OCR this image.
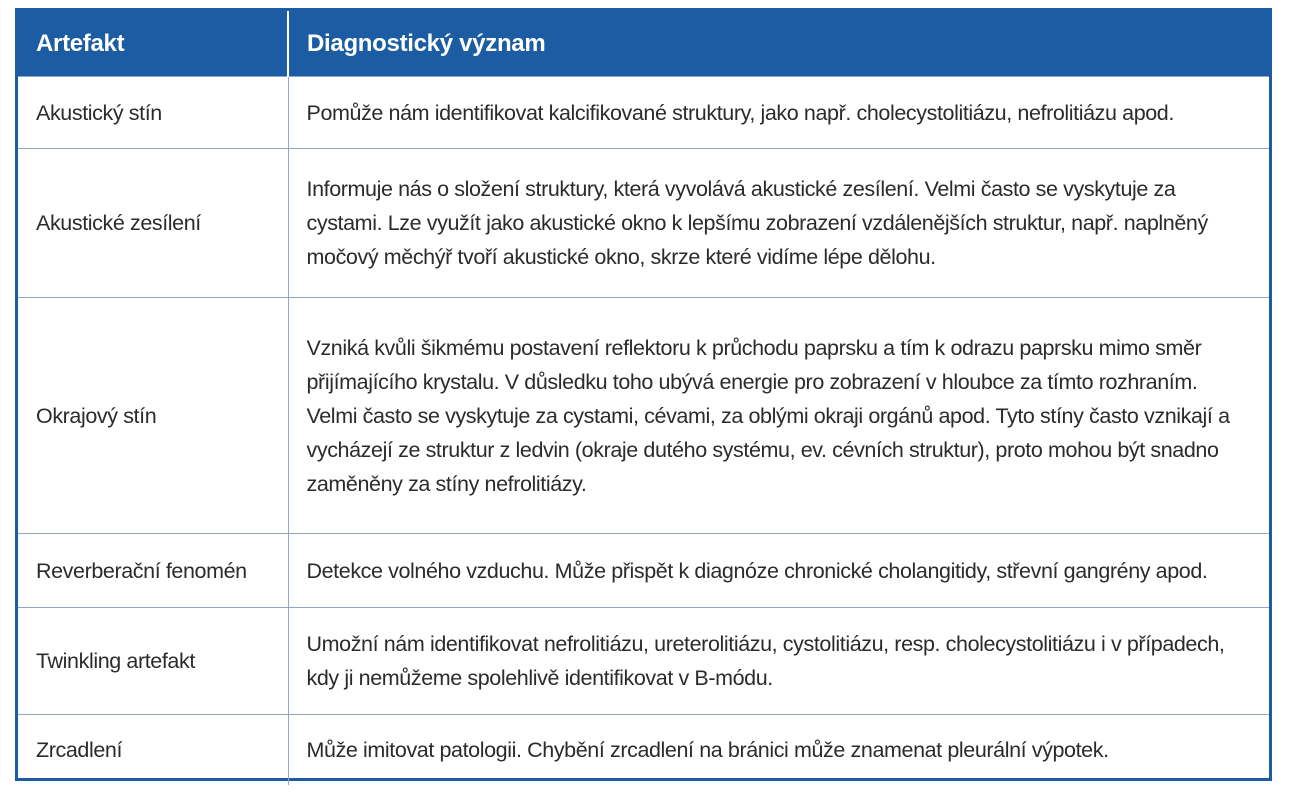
Artefakt	Diagnostický význam
Akustický stín	Pomůže nám identifikovat kalcifikované struktury, jako např. cholecystolitiázu, nefrolitiázu apod.
Akustické zesílení	Informuje nás o složení struktury, která vyvolává akustické zesílení. Velmi často se vyskytuje za cystami. Lze využít jako akustické okno k lepšímu zobrazení vzdálenějších struktur, např. naplněný močový měchýř tvoří akustické okno, skrze které vidíme lépe dělohu.
Okrajový stín	Vzniká kvůli šikmému postavení reflektoru k průchodu paprsku a tím k odrazu paprsku mimo směr přijímajícího krystalu. V důsledku toho ubývá energie pro zobrazení v hloubce za tímto rozhraním. Velmi často se vyskytuje za cystami, cévami, za oblými okraji orgánů apod. Tyto stíny často vznikají a vycházejí ze struktur z ledvin (okraje dutého systému, ev. cévních struktur), proto mohou být snadno zaměněny za stíny nefrolitiázy.
Reverberační fenomén	Detekce volného vzduchu. Může přispět k diagnóze chronické cholangitidy, střevní gangrény apod.
Twinkling artefakt	Umožní nám identifikovat nefrolitiázu, ureterolitiázu, cystolitiázu, resp. cholecystolitiázu i v případech, kdy ji nemůžeme spolehlivě identifikovat v B-módu.
Zrcadlení	Může imitovat patologii. Chybění zrcadlení na bránici může znamenat pleurální výpotek.
